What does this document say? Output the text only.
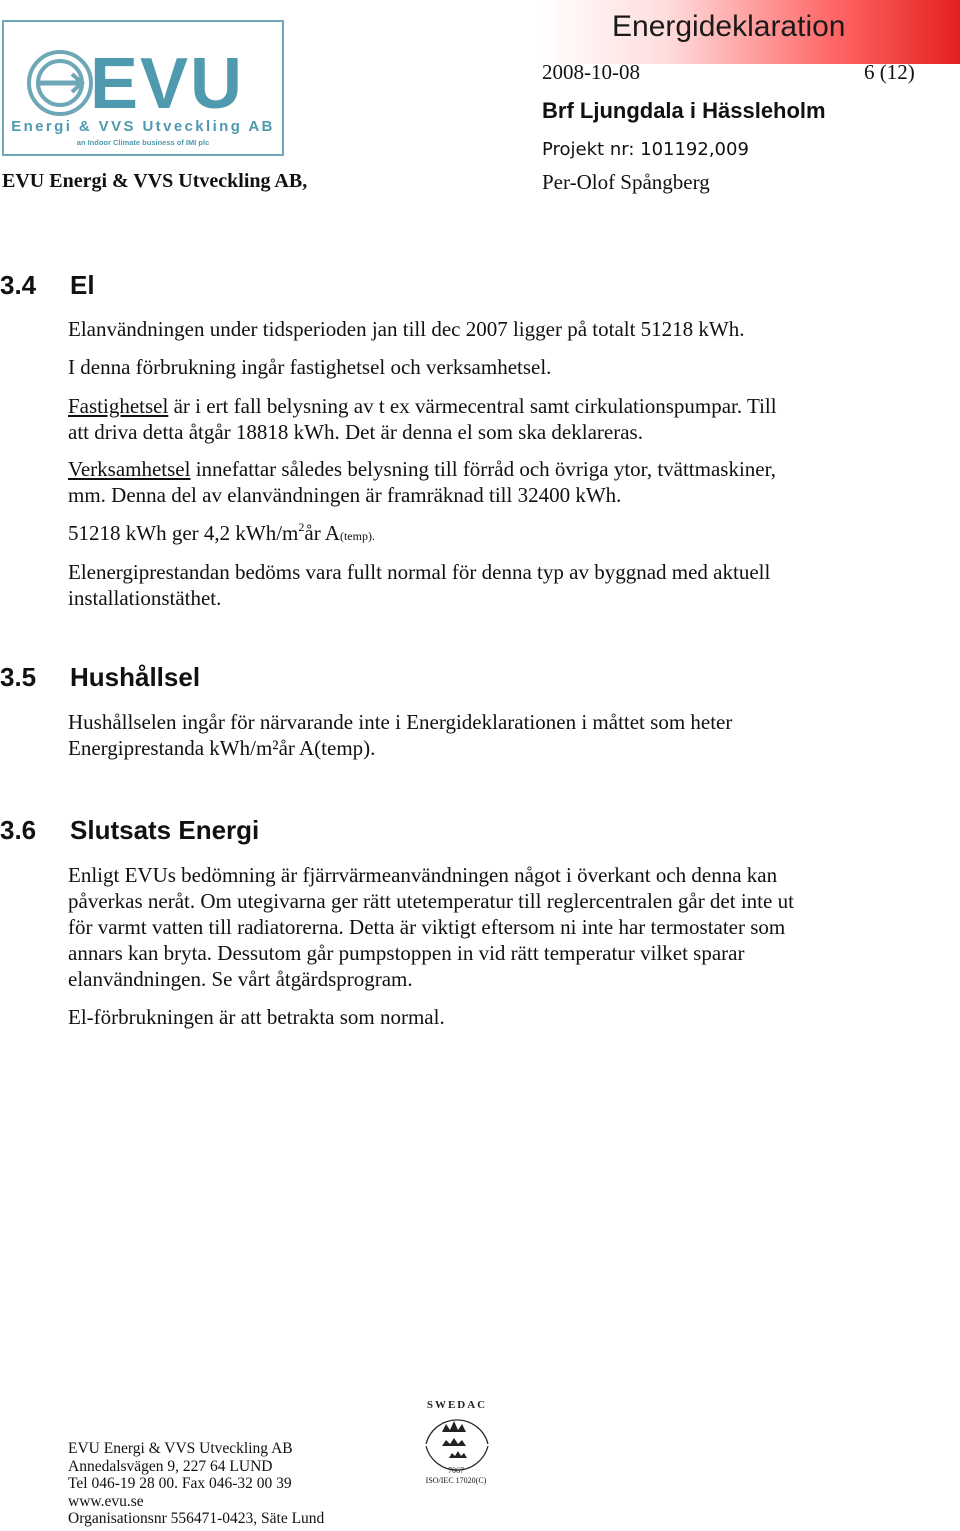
EVU
Energi & VVS Utveckling AB
an Indoor Climate business of IMI plc
Energideklaration
2008-10-08	6 (12)
Brf Ljungdala i Hässleholm
Projekt nr: 101192,009
Per-Olof Spångberg
EVU Energi & VVS Utveckling AB,
3.4 El
Elanvändningen under tidsperioden jan till dec 2007 ligger på totalt 51218 kWh.
I denna förbrukning ingår fastighetsel och verksamhetsel.
Fastighetsel är i ert fall belysning av t ex värmecentral samt cirkulationspumpar. Till
att driva detta åtgår 18818 kWh. Det är denna el som ska deklareras.
Verksamhetsel innefattar således belysning till förråd och övriga ytor, tvättmaskiner,
mm. Denna del av elanvändningen är framräknad till 32400 kWh.
51218 kWh ger 4,2 kWh/$m^2år$ A(temp).
Elenergiprestandan bedöms vara fullt normal för denna typ av byggnad med aktuell
installationstäthet.
3.5 Hushållsel
Hushållselen ingår för närvarande inte i Energideklarationen i måttet som heter
Energiprestanda kWh/m²år A(temp).
3.6 Slutsats Energi
Enligt EVUs bedömning är fjärrvärmeanvändningen något i överkant och denna kan
påverkas neråt. Om utegivarna ger rätt utetemperatur till reglercentralen går det inte ut
för varmt vatten till radiatorerna. Detta är viktigt eftersom ni inte har termostater som
annars kan bryta. Dessutom går pumpstoppen in vid rätt temperatur vilket sparar
elanvändningen. Se vårt åtgärdsprogram.
El-förbrukningen är att betrakta som normal.
EVU Energi & VVS Utveckling AB
Annedalsvägen 9, 227 64 LUND
Tel 046-19 28 00. Fax 046-32 00 39
www.evu.se
Organisationsnr 556471-0423, Säte Lund
SWEDAC
7067
ISO/IEC 17020(C)
